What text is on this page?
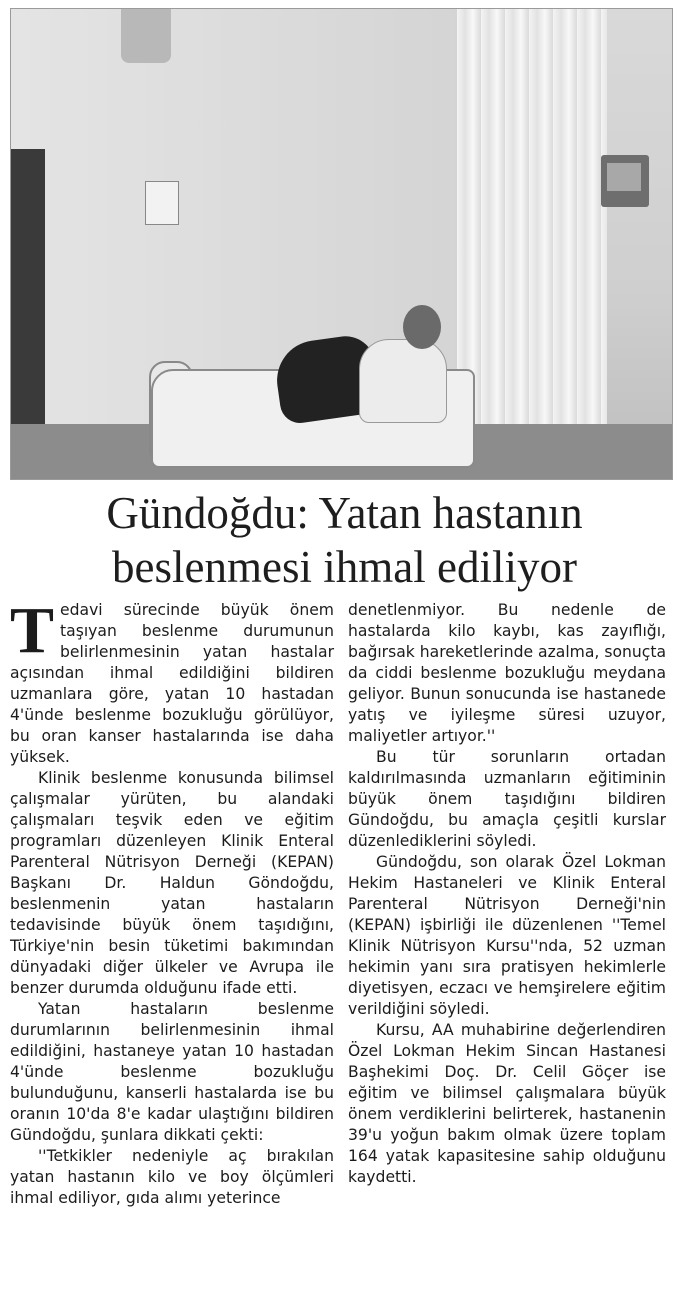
Gündoğdu: Yatan hastanın
beslenmesi ihmal ediliyor

Tedavi sürecinde büyük önem taşıyan beslenme durumunun belirlenmesinin yatan hastalar açısından ihmal edildiğini bildiren uzmanlara göre, yatan 10 hastadan 4'ünde beslenme bozukluğu görülüyor, bu oran kanser hastalarında ise daha yüksek.

Klinik beslenme konusunda bilimsel çalışmalar yürüten, bu alandaki çalışmaları teşvik eden ve eğitim programları düzenleyen Klinik Enteral Parenteral Nütrisyon Derneği (KEPAN) Başkanı Dr. Haldun Göndoğdu, beslenmenin yatan hastaların tedavisinde büyük önem taşıdığını, Türkiye'nin besin tüketimi bakımından dünyadaki diğer ülkeler ve Avrupa ile benzer durumda olduğunu ifade etti.

Yatan hastaların beslenme durumlarının belirlenmesinin ihmal edildiğini, hastaneye yatan 10 hastadan 4'ünde beslenme bozukluğu bulunduğunu, kanserli hastalarda ise bu oranın 10'da 8'e kadar ulaştığını bildiren Gündoğdu, şunlara dikkati çekti:

''Tetkikler nedeniyle aç bırakılan yatan hastanın kilo ve boy ölçümleri ihmal ediliyor, gıda alımı yeterince

denetlenmiyor. Bu nedenle de hastalarda kilo kaybı, kas zayıflığı, bağırsak hareketlerinde azalma, sonuçta da ciddi beslenme bozukluğu meydana geliyor. Bunun sonucunda ise hastanede yatış ve iyileşme süresi uzuyor, maliyetler artıyor.''

Bu tür sorunların ortadan kaldırılmasında uzmanların eğitiminin büyük önem taşıdığını bildiren Gündoğdu, bu amaçla çeşitli kurslar düzenlediklerini söyledi.

Gündoğdu, son olarak Özel Lokman Hekim Hastaneleri ve Klinik Enteral Parenteral Nütrisyon Derneği'nin (KEPAN) işbirliği ile düzenlenen ''Temel Klinik Nütrisyon Kursu''nda, 52 uzman hekimin yanı sıra pratisyen hekimlerle diyetisyen, eczacı ve hemşirelere eğitim verildiğini söyledi.

Kursu, AA muhabirine değerlendiren Özel Lokman Hekim Sincan Hastanesi Başhekimi Doç. Dr. Celil Göçer ise eğitim ve bilimsel çalışmalara büyük önem verdiklerini belirterek, hastanenin 39'u yoğun bakım olmak üzere toplam 164 yatak kapasitesine sahip olduğunu kaydetti.
